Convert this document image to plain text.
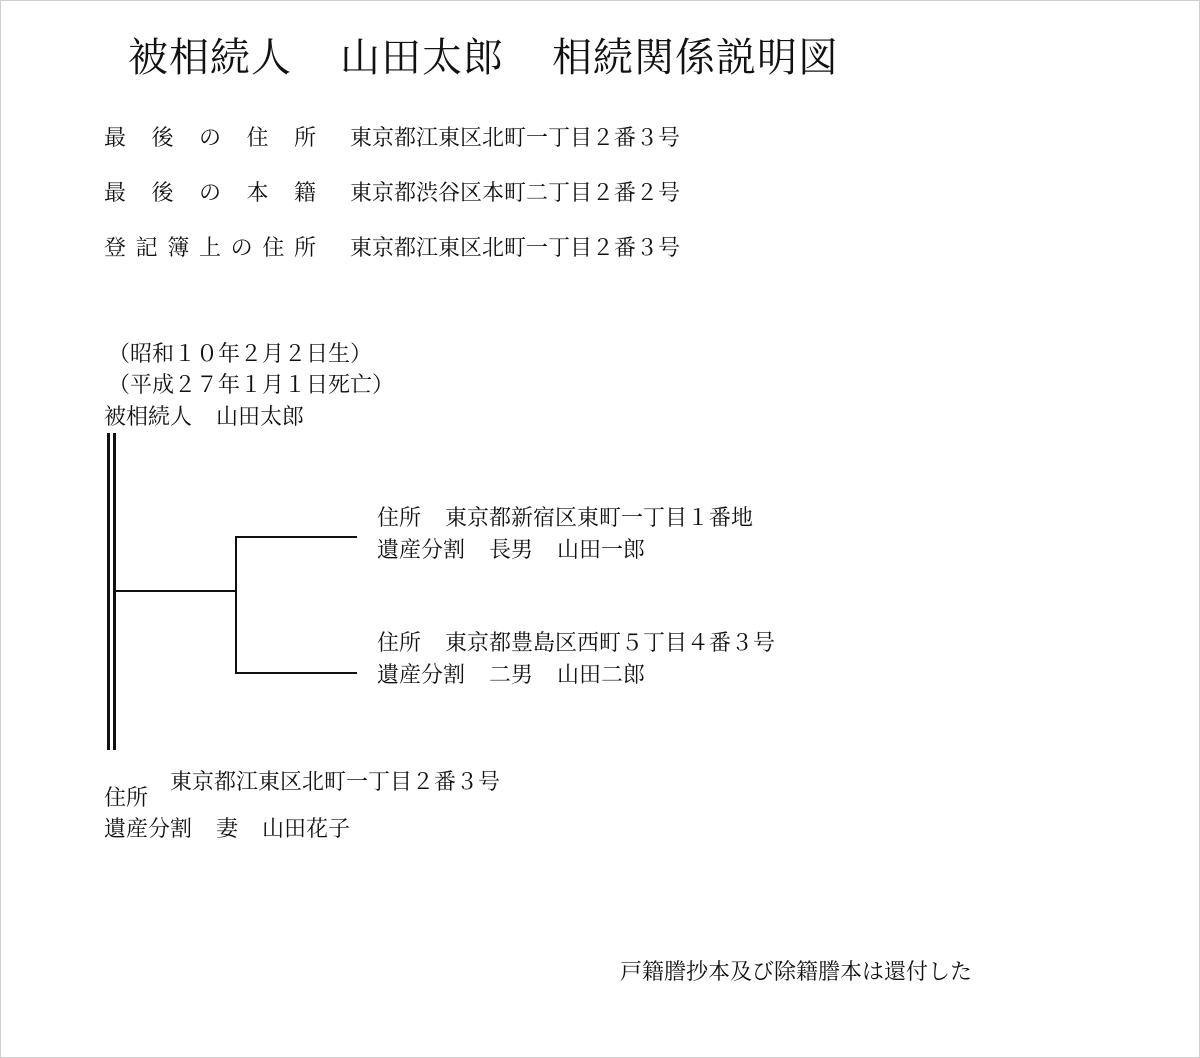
被相続人 山田太郎 相続関係説明図
最後の住所 東京都江東区北町一丁目２番３号
最後の本籍 東京都渋谷区本町二丁目２番２号
登記簿上の住所 東京都江東区北町一丁目２番３号
（昭和１０年２月２日生）
（平成２７年１月１日死亡）
被相続人 山田太郎
住所 東京都新宿区東町一丁目１番地
遺産分割 長男 山田一郎
住所 東京都豊島区西町５丁目４番３号
遺産分割 二男 山田二郎
住所
東京都江東区北町一丁目２番３号
遺産分割 妻 山田花子
戸籍謄抄本及び除籍謄本は還付した
